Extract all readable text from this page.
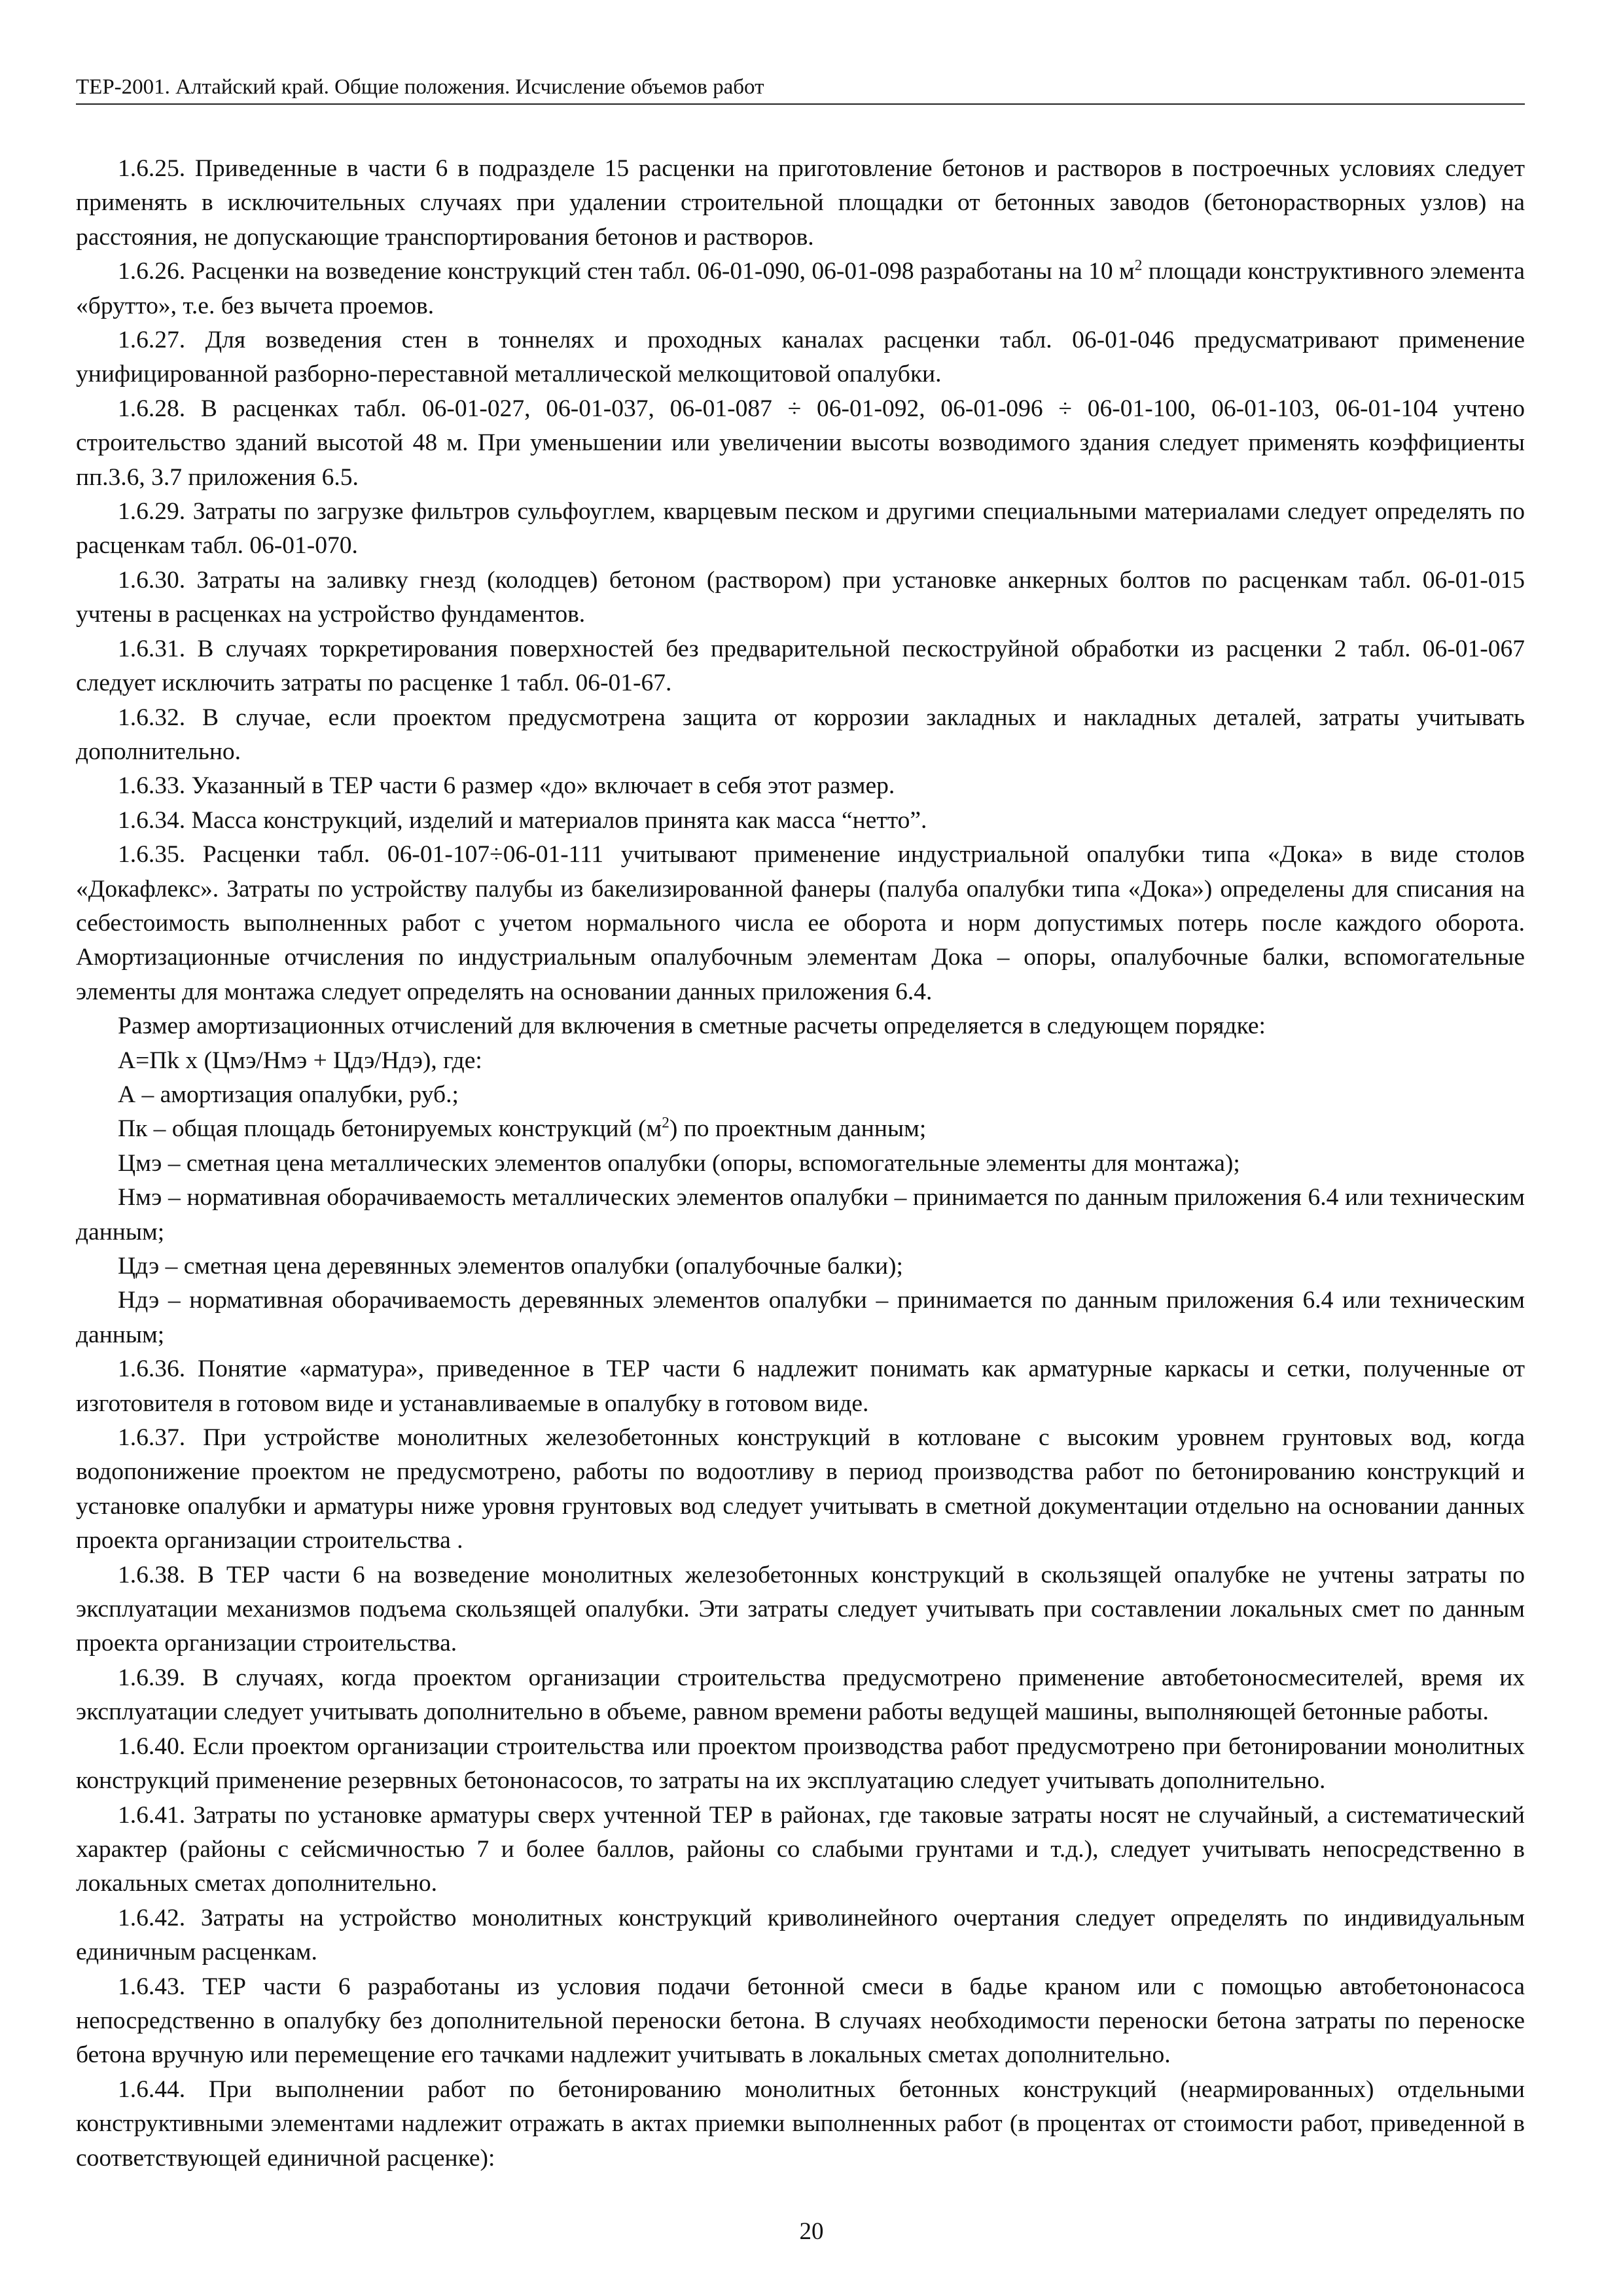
ТЕР-2001. Алтайский край. Общие положения. Исчисление объемов работ

1.6.25. Приведенные в части 6 в подразделе 15 расценки на приготовление бетонов и растворов в построечных условиях следует применять в исключительных случаях при удалении строительной площадки от бетонных заводов (бетонорастворных узлов) на расстояния, не допускающие транспортирования бетонов и растворов.

1.6.26. Расценки на возведение конструкций стен табл. 06-01-090, 06-01-098 разработаны на 10 $м^2$ площади конструктивного элемента «брутто», т.е. без вычета проемов.

1.6.27. Для возведения стен в тоннелях и проходных каналах расценки табл. 06-01-046 предусматривают применение унифицированной разборно-переставной металлической мелкощитовой опалубки.

1.6.28. В расценках табл. 06-01-027, 06-01-037, 06-01-087 ÷ 06-01-092, 06-01-096 ÷ 06-01-100, 06-01-103, 06-01-104 учтено строительство зданий высотой 48 м. При уменьшении или увеличении высоты возводимого здания следует применять коэффициенты пп.3.6, 3.7 приложения 6.5.

1.6.29. Затраты по загрузке фильтров сульфоуглем, кварцевым песком и другими специальными материалами следует определять по расценкам табл. 06-01-070.

1.6.30. Затраты на заливку гнезд (колодцев) бетоном (раствором) при установке анкерных болтов по расценкам табл. 06-01-015 учтены в расценках на устройство фундаментов.

1.6.31. В случаях торкретирования поверхностей без предварительной пескоструйной обработки из расценки 2 табл. 06-01-067 следует исключить затраты по расценке 1 табл. 06-01-67.

1.6.32. В случае, если проектом предусмотрена защита от коррозии закладных и накладных деталей, затраты учитывать дополнительно.

1.6.33. Указанный в ТЕР части 6 размер «до» включает в себя этот размер.

1.6.34. Масса конструкций, изделий и материалов принята как масса “нетто”.

1.6.35. Расценки табл. 06-01-107÷06-01-111 учитывают применение индустриальной опалубки типа «Дока» в виде столов «Докафлекс». Затраты по устройству палубы из бакелизированной фанеры (палуба опалубки типа «Дока») определены для списания на себестоимость выполненных работ с учетом нормального числа ее оборота и норм допустимых потерь после каждого оборота. Амортизационные отчисления по индустриальным опалубочным элементам Дока – опоры, опалубочные балки, вспомогательные элементы для монтажа следует определять на основании данных приложения 6.4.

Размер амортизационных отчислений для включения в сметные расчеты определяется в следующем порядке:

А=Пk x (Цмэ/Нмэ + Цдэ/Ндэ), где:

А – амортизация опалубки, руб.;

Пк – общая площадь бетонируемых конструкций $(м^2)$ по проектным данным;

Цмэ – сметная цена металлических элементов опалубки (опоры, вспомогательные элементы для монтажа);

Нмэ – нормативная оборачиваемость металлических элементов опалубки – принимается по данным приложения 6.4 или техническим данным;

Цдэ – сметная цена деревянных элементов опалубки (опалубочные балки);

Ндэ – нормативная оборачиваемость деревянных элементов опалубки – принимается по данным приложения 6.4 или техническим данным;

1.6.36. Понятие «арматура», приведенное в ТЕР части 6 надлежит понимать как арматурные каркасы и сетки, полученные от изготовителя в готовом виде и устанавливаемые в опалубку в готовом виде.

1.6.37. При устройстве монолитных железобетонных конструкций в котловане с высоким уровнем грунтовых вод, когда водопонижение проектом не предусмотрено, работы по водоотливу в период производства работ по бетонированию конструкций и установке опалубки и арматуры ниже уровня грунтовых вод следует учитывать в сметной документации отдельно на основании данных проекта организации строительства .

1.6.38. В ТЕР части 6 на возведение монолитных железобетонных конструкций в скользящей опалубке не учтены затраты по эксплуатации механизмов подъема скользящей опалубки. Эти затраты следует учитывать при составлении локальных смет по данным проекта организации строительства.

1.6.39. В случаях, когда проектом организации строительства предусмотрено применение автобетоносмесителей, время их эксплуатации следует учитывать дополнительно в объеме, равном времени работы ведущей машины, выполняющей бетонные работы.

1.6.40. Если проектом организации строительства или проектом производства работ предусмотрено при бетонировании монолитных конструкций применение резервных бетононасосов, то затраты на их эксплуатацию следует учитывать дополнительно.

1.6.41. Затраты по установке арматуры сверх учтенной ТЕР в районах, где таковые затраты носят не случайный, а систематический характер (районы с сейсмичностью 7 и более баллов, районы со слабыми грунтами и т.д.), следует учитывать непосредственно в локальных сметах дополнительно.

1.6.42. Затраты на устройство монолитных конструкций криволинейного очертания следует определять по индивидуальным единичным расценкам.

1.6.43. ТЕР части 6 разработаны из условия подачи бетонной смеси в бадье краном или с помощью автобетононасоса непосредственно в опалубку без дополнительной переноски бетона. В случаях необходимости переноски бетона затраты по переноске бетона вручную или перемещение его тачками надлежит учитывать в локальных сметах дополнительно.

1.6.44. При выполнении работ по бетонированию монолитных бетонных конструкций (неармированных) отдельными конструктивными элементами надлежит отражать в актах приемки выполненных работ (в процентах от стоимости работ, приведенной в соответствующей единичной расценке):

20
